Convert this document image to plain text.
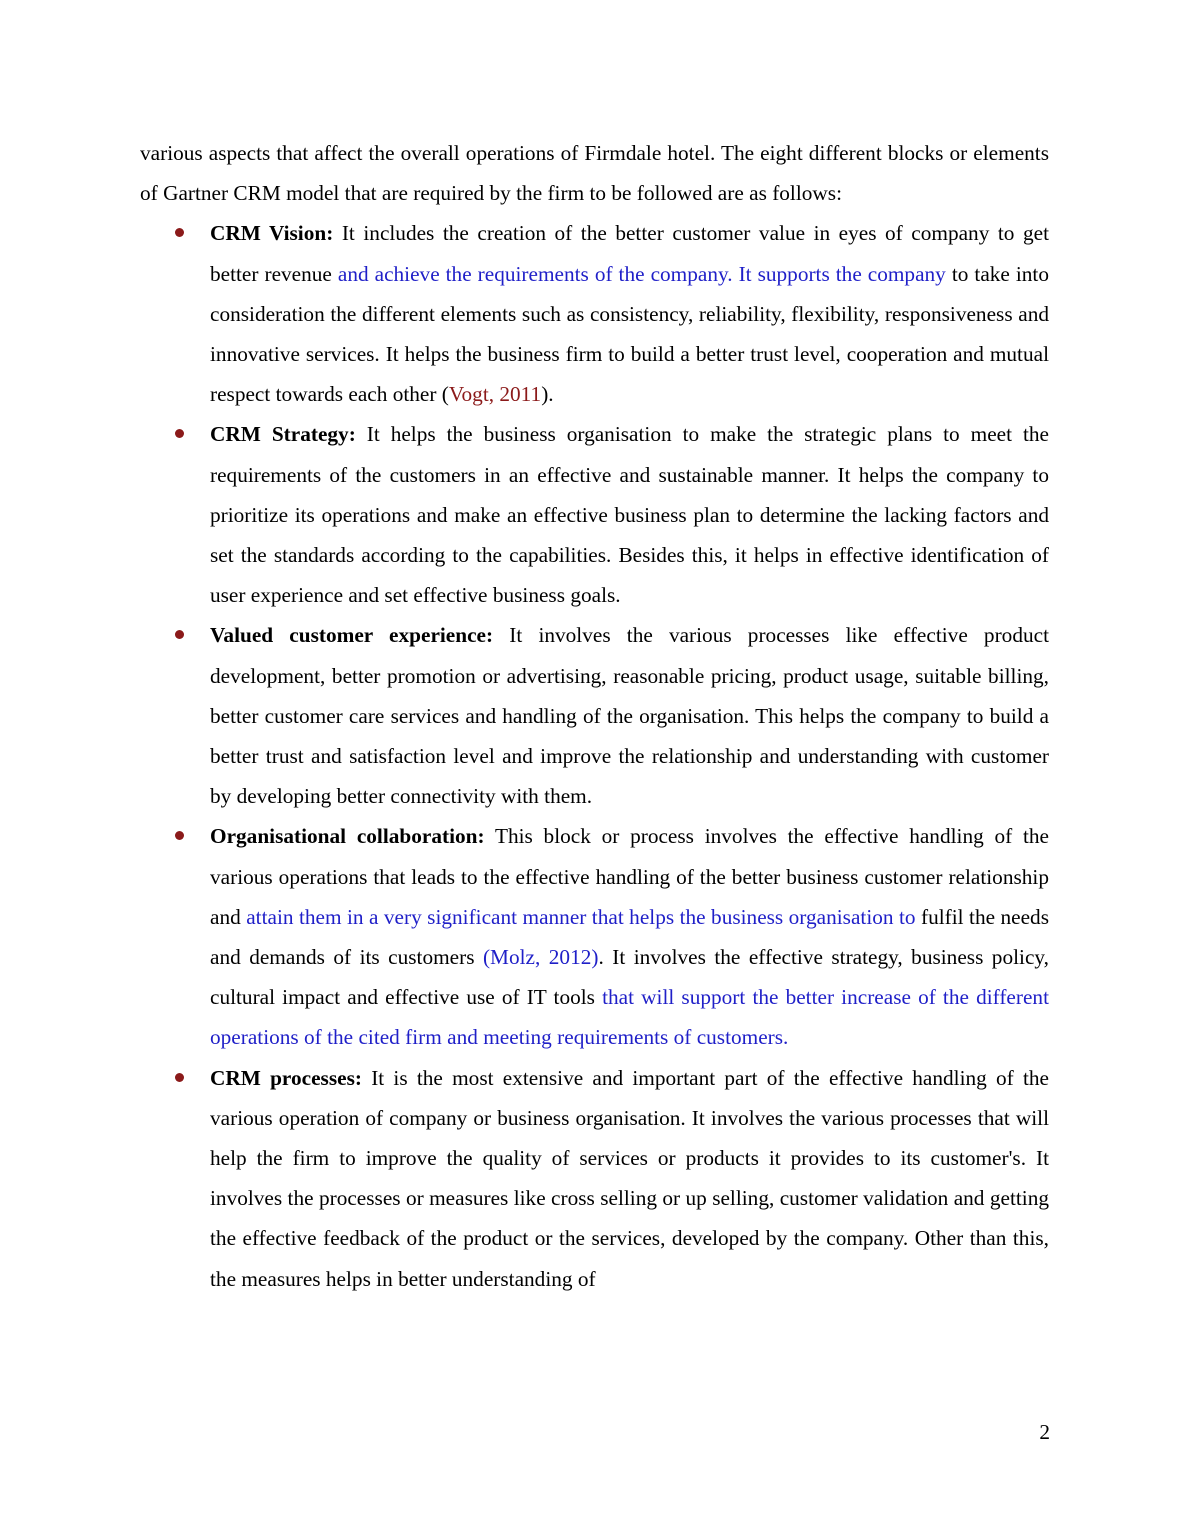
various aspects that affect the overall operations of Firmdale hotel. The eight different blocks or elements of Gartner CRM model that are required by the firm to be followed are as follows:

CRM Vision: It includes the creation of the better customer value in eyes of company to get better revenue and achieve the requirements of the company. It supports the company to take into consideration the different elements such as consistency, reliability, flexibility, responsiveness and innovative services. It helps the business firm to build a better trust level, cooperation and mutual respect towards each other (Vogt, 2011).
CRM Strategy: It helps the business organisation to make the strategic plans to meet the requirements of the customers in an effective and sustainable manner. It helps the company to prioritize its operations and make an effective business plan to determine the lacking factors and set the standards according to the capabilities. Besides this, it helps in effective identification of user experience and set effective business goals.
Valued customer experience: It involves the various processes like effective product development, better promotion or advertising, reasonable pricing, product usage, suitable billing, better customer care services and handling of the organisation. This helps the company to build a better trust and satisfaction level and improve the relationship and understanding with customer by developing better connectivity with them.
Organisational collaboration: This block or process involves the effective handling of the various operations that leads to the effective handling of the better business customer relationship and attain them in a very significant manner that helps the business organisation to fulfil the needs and demands of its customers (Molz, 2012). It involves the effective strategy, business policy, cultural impact and effective use of IT tools that will support the better increase of the different operations of the cited firm and meeting requirements of customers.
CRM processes: It is the most extensive and important part of the effective handling of the various operation of company or business organisation. It involves the various processes that will help the firm to improve the quality of services or products it provides to its customer's. It involves the processes or measures like cross selling or up selling, customer validation and getting the effective feedback of the product or the services, developed by the company. Other than this, the measures helps in better understanding of
2
